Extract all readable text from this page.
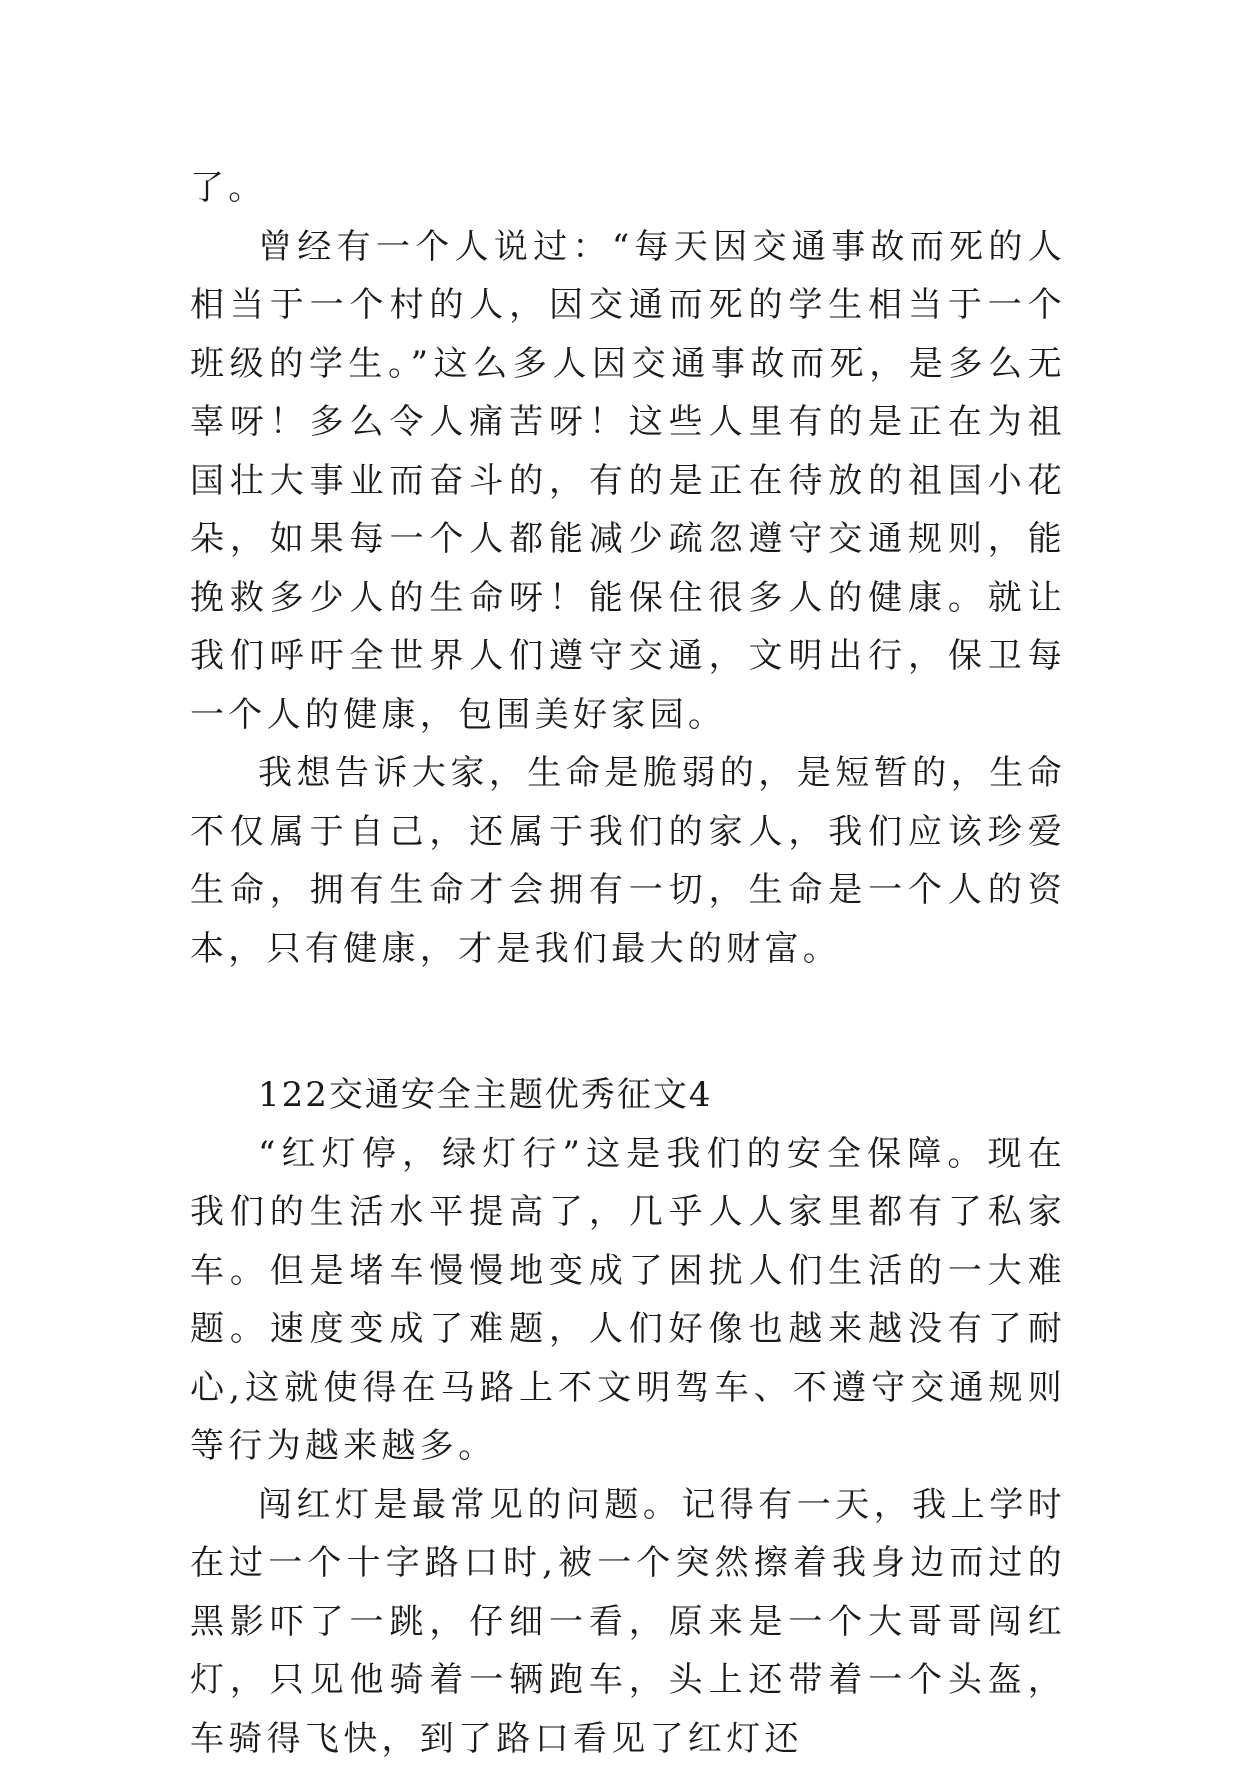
了。

曾经有一个人说过：“每天因交通事故而死的人相当于一个村的人，因交通而死的学生相当于一个班级的学生。”这么多人因交通事故而死，是多么无辜呀！多么令人痛苦呀！这些人里有的是正在为祖国壮大事业而奋斗的，有的是正在待放的祖国小花朵，如果每一个人都能减少疏忽遵守交通规则，能挽救多少人的生命呀！能保住很多人的健康。就让我们呼吁全世界人们遵守交通，文明出行，保卫每一个人的健康，包围美好家园。

我想告诉大家，生命是脆弱的，是短暂的，生命不仅属于自己，还属于我们的家人，我们应该珍爱生命，拥有生命才会拥有一切，生命是一个人的资本，只有健康，才是我们最大的财富。

122交通安全主题优秀征文4

“红灯停，绿灯行”这是我们的安全保障。现在我们的生活水平提高了，几乎人人家里都有了私家车。但是堵车慢慢地变成了困扰人们生活的一大难题。速度变成了难题，人们好像也越来越没有了耐心,这就使得在马路上不文明驾车、不遵守交通规则等行为越来越多。

闯红灯是最常见的问题。记得有一天，我上学时在过一个十字路口时,被一个突然擦着我身边而过的黑影吓了一跳，仔细一看，原来是一个大哥哥闯红灯，只见他骑着一辆跑车，头上还带着一个头盔，车骑得飞快，到了路口看见了红灯还
